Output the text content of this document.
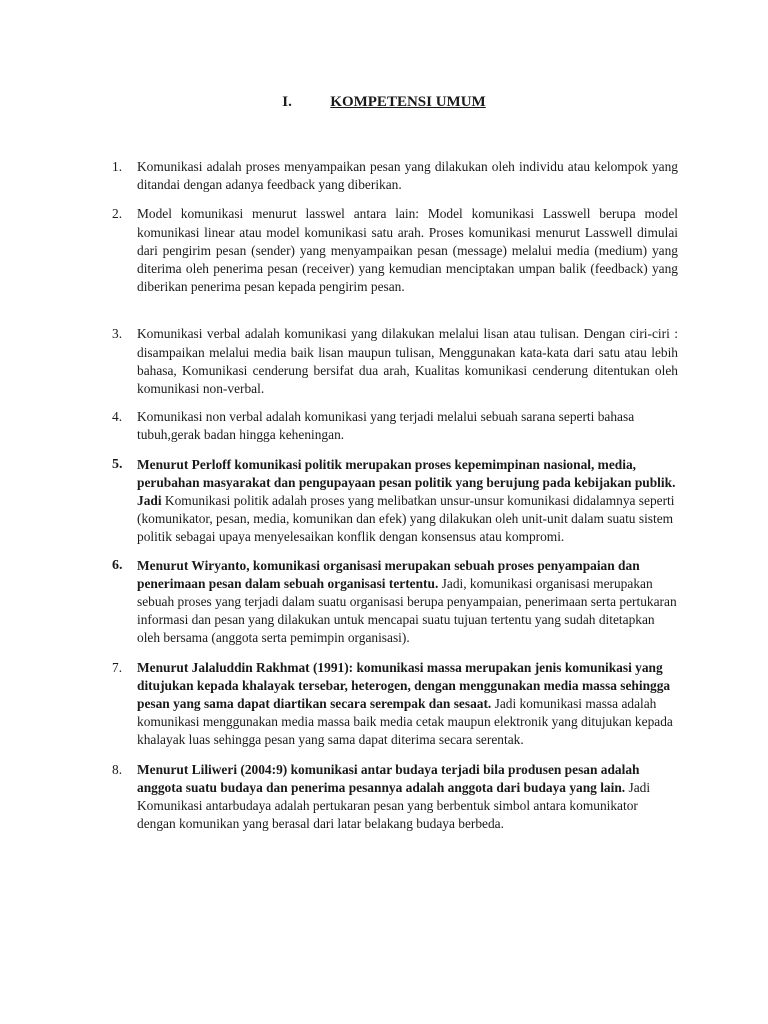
I.	KOMPETENSI UMUM
1.	Komunikasi adalah proses menyampaikan pesan yang dilakukan oleh individu atau kelompok yang ditandai dengan adanya feedback yang diberikan.
2.	Model komunikasi menurut lasswel antara lain: Model komunikasi Lasswell berupa model komunikasi linear atau model komunikasi satu arah. Proses komunikasi menurut Lasswell dimulai dari pengirim pesan (sender) yang menyampaikan pesan (message) melalui media (medium) yang diterima oleh penerima pesan (receiver) yang kemudian menciptakan umpan balik (feedback) yang diberikan penerima pesan kepada pengirim pesan.
3.	Komunikasi verbal adalah komunikasi yang dilakukan melalui lisan atau tulisan. Dengan ciri-ciri : disampaikan melalui media baik lisan maupun tulisan, Menggunakan kata-kata dari satu atau lebih bahasa, Komunikasi cenderung bersifat dua arah, Kualitas komunikasi cenderung ditentukan oleh komunikasi non-verbal.
4.	Komunikasi non verbal adalah komunikasi yang terjadi melalui sebuah sarana seperti bahasa tubuh,gerak badan hingga keheningan.
5.	Menurut Perloff komunikasi politik merupakan proses kepemimpinan nasional, media, perubahan masyarakat dan pengupayaan pesan politik yang berujung pada kebijakan publik. Jadi Komunikasi politik adalah proses yang melibatkan unsur-unsur komunikasi didalamnya seperti (komunikator, pesan, media, komunikan dan efek) yang dilakukan oleh unit-unit dalam suatu sistem politik sebagai upaya menyelesaikan konflik dengan konsensus atau kompromi.
6.	Menurut Wiryanto, komunikasi organisasi merupakan sebuah proses penyampaian dan penerimaan pesan dalam sebuah organisasi tertentu. Jadi, komunikasi organisasi merupakan sebuah proses yang terjadi dalam suatu organisasi berupa penyampaian, penerimaan serta pertukaran informasi dan pesan yang dilakukan untuk mencapai suatu tujuan tertentu yang sudah ditetapkan oleh bersama (anggota serta pemimpin organisasi).
7.	Menurut Jalaluddin Rakhmat (1991): komunikasi massa merupakan jenis komunikasi yang ditujukan kepada khalayak tersebar, heterogen, dengan menggunakan media massa sehingga pesan yang sama dapat diartikan secara serempak dan sesaat. Jadi komunikasi massa adalah komunikasi menggunakan media massa baik media cetak maupun elektronik yang ditujukan kepada khalayak luas sehingga pesan yang sama dapat diterima secara serentak.
8.	Menurut Liliweri (2004:9) komunikasi antar budaya terjadi bila produsen pesan adalah anggota suatu budaya dan penerima pesannya adalah anggota dari budaya yang lain. Jadi Komunikasi antarbudaya adalah pertukaran pesan yang berbentuk simbol antara komunikator dengan komunikan yang berasal dari latar belakang budaya berbeda.
